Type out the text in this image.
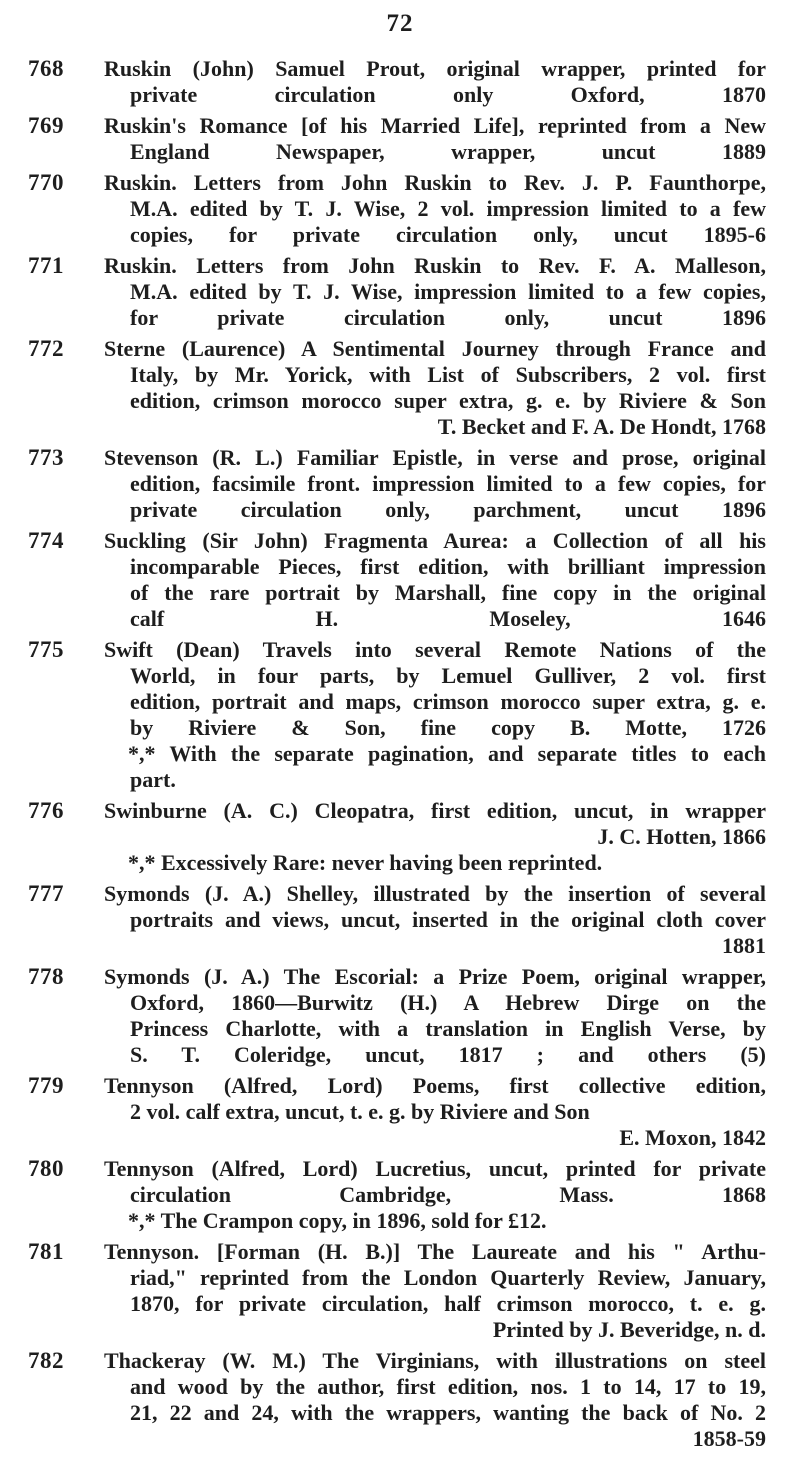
72
768	Ruskin (John) Samuel Prout, original wrapper, printed for
private circulation only Oxford, 1870
769	Ruskin's Romance [of his Married Life], reprinted from a New
England Newspaper, wrapper, uncut 1889
770	Ruskin. Letters from John Ruskin to Rev. J. P. Faunthorpe,
M.A. edited by T. J. Wise, 2 vol. impression limited to a few
copies, for private circulation only, uncut 1895-6
771	Ruskin. Letters from John Ruskin to Rev. F. A. Malleson,
M.A. edited by T. J. Wise, impression limited to a few copies,
for private circulation only, uncut 1896
772	Sterne (Laurence) A Sentimental Journey through France and
Italy, by Mr. Yorick, with List of Subscribers, 2 vol. first
edition, crimson morocco super extra, g. e. by Riviere & Son
T. Becket and F. A. De Hondt, 1768
773	Stevenson (R. L.) Familiar Epistle, in verse and prose, original
edition, facsimile front. impression limited to a few copies, for
private circulation only, parchment, uncut 1896
774	Suckling (Sir John) Fragmenta Aurea: a Collection of all his
incomparable Pieces, first edition, with brilliant impression
of the rare portrait by Marshall, fine copy in the original
calf H. Moseley, 1646
775	Swift (Dean) Travels into several Remote Nations of the
World, in four parts, by Lemuel Gulliver, 2 vol. first
edition, portrait and maps, crimson morocco super extra, g. e.
by Riviere & Son, fine copy B. Motte, 1726
*,* With the separate pagination, and separate titles to each
part.
776	Swinburne (A. C.) Cleopatra, first edition, uncut, in wrapper
J. C. Hotten, 1866
*,* Excessively Rare: never having been reprinted.
777	Symonds (J. A.) Shelley, illustrated by the insertion of several
portraits and views, uncut, inserted in the original cloth cover
1881
778	Symonds (J. A.) The Escorial: a Prize Poem, original wrapper,
Oxford, 1860—Burwitz (H.) A Hebrew Dirge on the
Princess Charlotte, with a translation in English Verse, by
S. T. Coleridge, uncut, 1817 ; and others (5)
779	Tennyson (Alfred, Lord) Poems, first collective edition,
2 vol. calf extra, uncut, t. e. g. by Riviere and Son
E. Moxon, 1842
780	Tennyson (Alfred, Lord) Lucretius, uncut, printed for private
circulation Cambridge, Mass. 1868
*,* The Crampon copy, in 1896, sold for £12.
781	Tennyson. [Forman (H. B.)] The Laureate and his " Arthu-
riad," reprinted from the London Quarterly Review, January,
1870, for private circulation, half crimson morocco, t. e. g.
Printed by J. Beveridge, n. d.
782	Thackeray (W. M.) The Virginians, with illustrations on steel
and wood by the author, first edition, nos. 1 to 14, 17 to 19,
21, 22 and 24, with the wrappers, wanting the back of No. 2
1858-59
